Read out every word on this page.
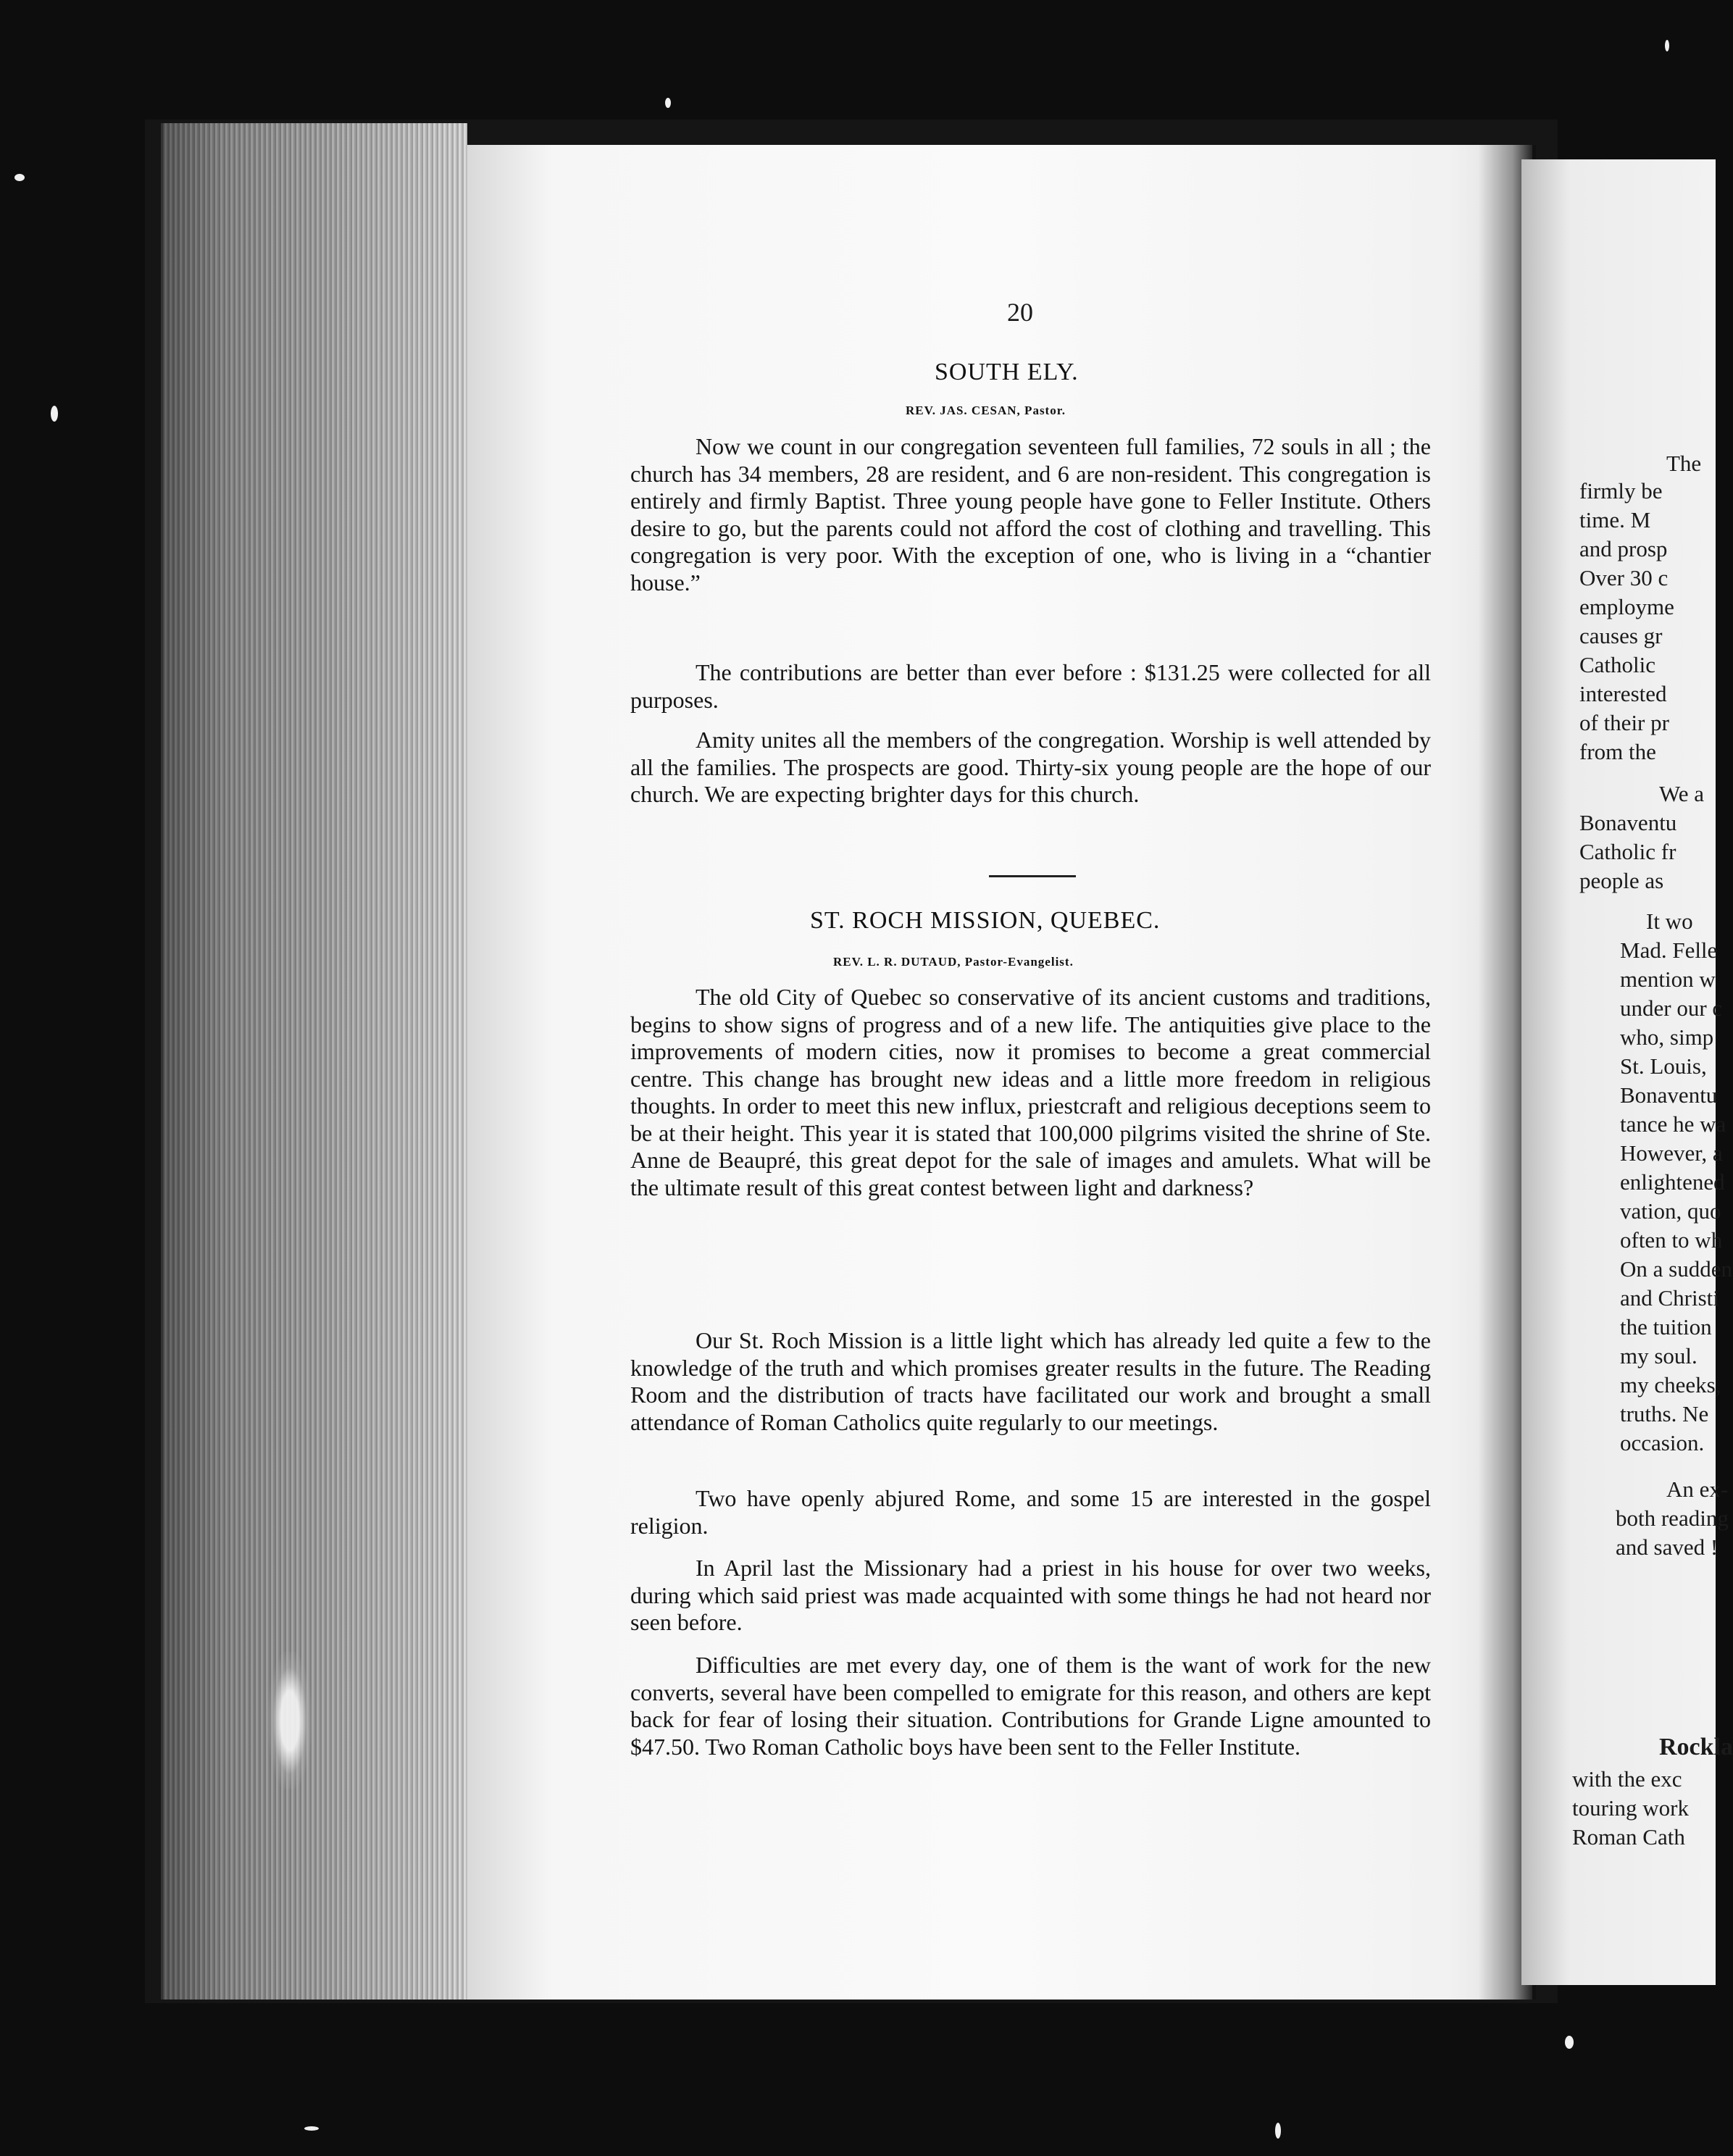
20
SOUTH ELY.
REV. JAS. CESAN, Pastor.
Now we count in our congregation seventeen full families, 72 souls in all ; the church has 34 members, 28 are resident, and 6 are non-resident. This congregation is entirely and firmly Baptist. Three young people have gone to Feller Institute. Others desire to go, but the parents could not afford the cost of clothing and travelling. This congregation is very poor. With the exception of one, who is living in a “chantier house.”
The contributions are better than ever before : $131.25 were collected for all purposes.
Amity unites all the members of the congregation. Worship is well attended by all the families. The prospects are good. Thirty-six young people are the hope of our church. We are expecting brighter days for this church.
ST. ROCH MISSION, QUEBEC.
REV. L. R. DUTAUD, Pastor-Evangelist.
The old City of Quebec so conservative of its ancient customs and traditions, begins to show signs of progress and of a new life. The antiquities give place to the improvements of modern cities, now it promises to become a great commercial centre. This change has brought new ideas and a little more freedom in religious thoughts. In order to meet this new influx, priestcraft and religious deceptions seem to be at their height. This year it is stated that 100,000 pilgrims visited the shrine of Ste. Anne de Beaupré, this great depot for the sale of images and amulets. What will be the ultimate result of this great contest between light and darkness?
Our St. Roch Mission is a little light which has already led quite a few to the knowledge of the truth and which promises greater results in the future. The Reading Room and the distribution of tracts have facilitated our work and brought a small attendance of Roman Catholics quite regularly to our meetings.
Two have openly abjured Rome, and some 15 are interested in the gospel religion.
In April last the Missionary had a priest in his house for over two weeks, during which said priest was made acquainted with some things he had not heard nor seen before.
Difficulties are met every day, one of them is the want of work for the new converts, several have been compelled to emigrate for this reason, and others are kept back for fear of losing their situation. Contributions for Grande Ligne amounted to $47.50. Two Roman Catholic boys have been sent to the Feller Institute.
The
firmly be
time. M
and prosp
Over 30 c
employme
causes gr
Catholic
interested
of their pr
from the
We a
Bonaventu
Catholic fr
people as
It wo
Mad. Felle
mention w
under our c
who, simp
St. Louis,
Bonaventu
tance he wa
However, a
enlightened
vation, quo
often to wh
On a sudden
and Christi
the tuition
my soul.
my cheeks,
truths. Ne
occasion.
An ex-
both reading
and saved !
Rockla
with the exc
touring work
Roman Cath
